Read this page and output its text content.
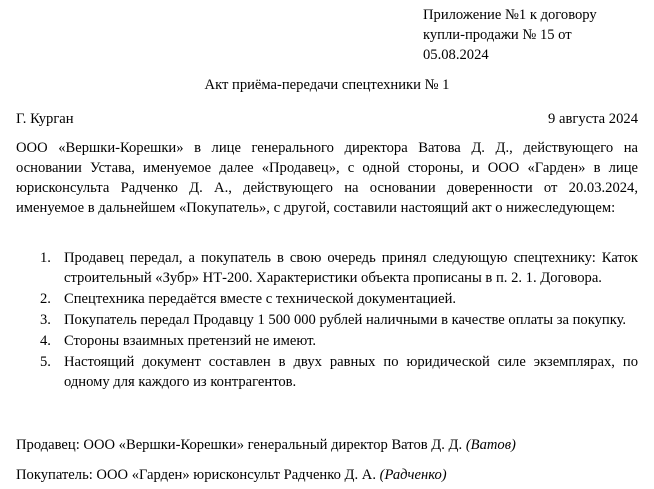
Приложение №1 к договору
купли-продажи № 15 от
05.08.2024
Акт приёма-передачи спецтехники № 1
Г. Курган	9 августа 2024

ООО «Вершки-Корешки» в лице генерального директора Ватова Д. Д., действующего на основании Устава, именуемое далее «Продавец», с одной стороны, и ООО «Гарден» в лице юрисконсульта Радченко Д. А., действующего на основании доверенности от 20.03.2024, именуемое в дальнейшем «Покупатель», с другой, составили настоящий акт о нижеследующем:

1. Продавец передал, а покупатель в свою очередь принял следующую спецтехнику: Каток строительный «Зубр» НТ-200. Характеристики объекта прописаны в п. 2. 1. Договора.
2. Спецтехника передаётся вместе с технической документацией.
3. Покупатель передал Продавцу 1 500 000 рублей наличными в качестве оплаты за покупку.
4. Стороны взаимных претензий не имеют.
5. Настоящий документ составлен в двух равных по юридической силе экземплярах, по одному для каждого из контрагентов.
Продавец: ООО «Вершки-Корешки» генеральный директор Ватов Д. Д. (Ватов)
Покупатель: ООО «Гарден» юрисконсульт Радченко Д. А. (Радченко)
